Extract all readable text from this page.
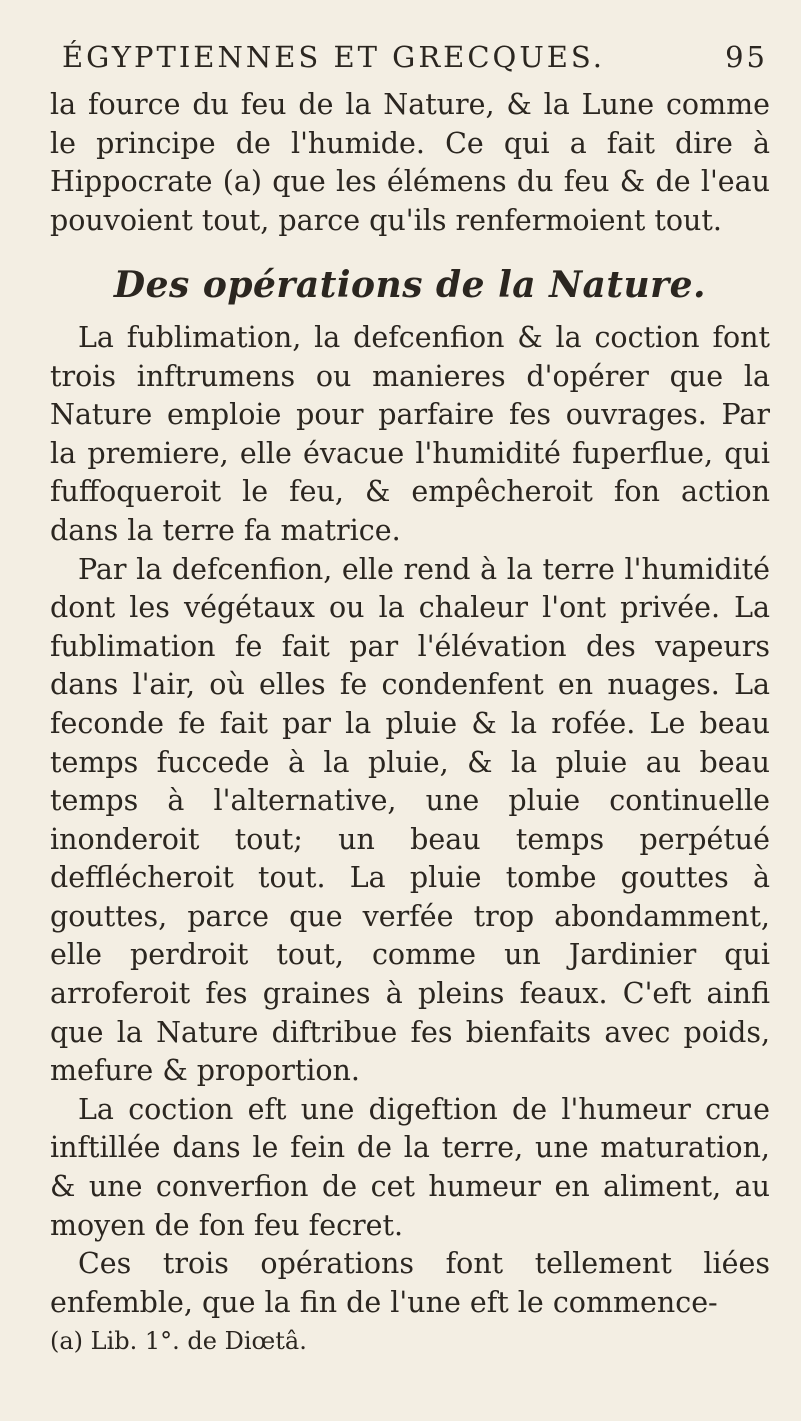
ÉGYPTIENNES ET GRECQUES.	95

la fource du feu de la Nature, & la Lune comme le principe de l'humide. Ce qui a fait dire à Hippocrate (a) que les élémens du feu & de l'eau pouvoient tout, parce qu'ils renfermoient tout.

Des opérations de la Nature.

La fublimation, la defcenfion & la coction font trois inftrumens ou manieres d'opérer que la Nature emploie pour parfaire fes ouvrages. Par la premiere, elle évacue l'humidité fuperflue, qui fuffoqueroit le feu, & empêcheroit fon action dans la terre fa matrice.

Par la defcenfion, elle rend à la terre l'humidité dont les végétaux ou la chaleur l'ont privée. La fublimation fe fait par l'élévation des vapeurs dans l'air, où elles fe condenfent en nuages. La feconde fe fait par la pluie & la rofée. Le beau temps fuccede à la pluie, & la pluie au beau temps à l'alternative, une pluie continuelle inonderoit tout; un beau temps perpétué defflécheroit tout. La pluie tombe gouttes à gouttes, parce que verfée trop abondamment, elle perdroit tout, comme un Jardinier qui arroferoit fes graines à pleins feaux. C'eft ainfi que la Nature diftribue fes bienfaits avec poids, mefure & proportion.

La coction eft une digeftion de l'humeur crue inftillée dans le fein de la terre, une maturation, & une converfion de cet humeur en aliment, au moyen de fon feu fecret.

Ces trois opérations font tellement liées enfemble, que la fin de l'une eft le commence-

(a) Lib. 1°. de Diœtâ.
